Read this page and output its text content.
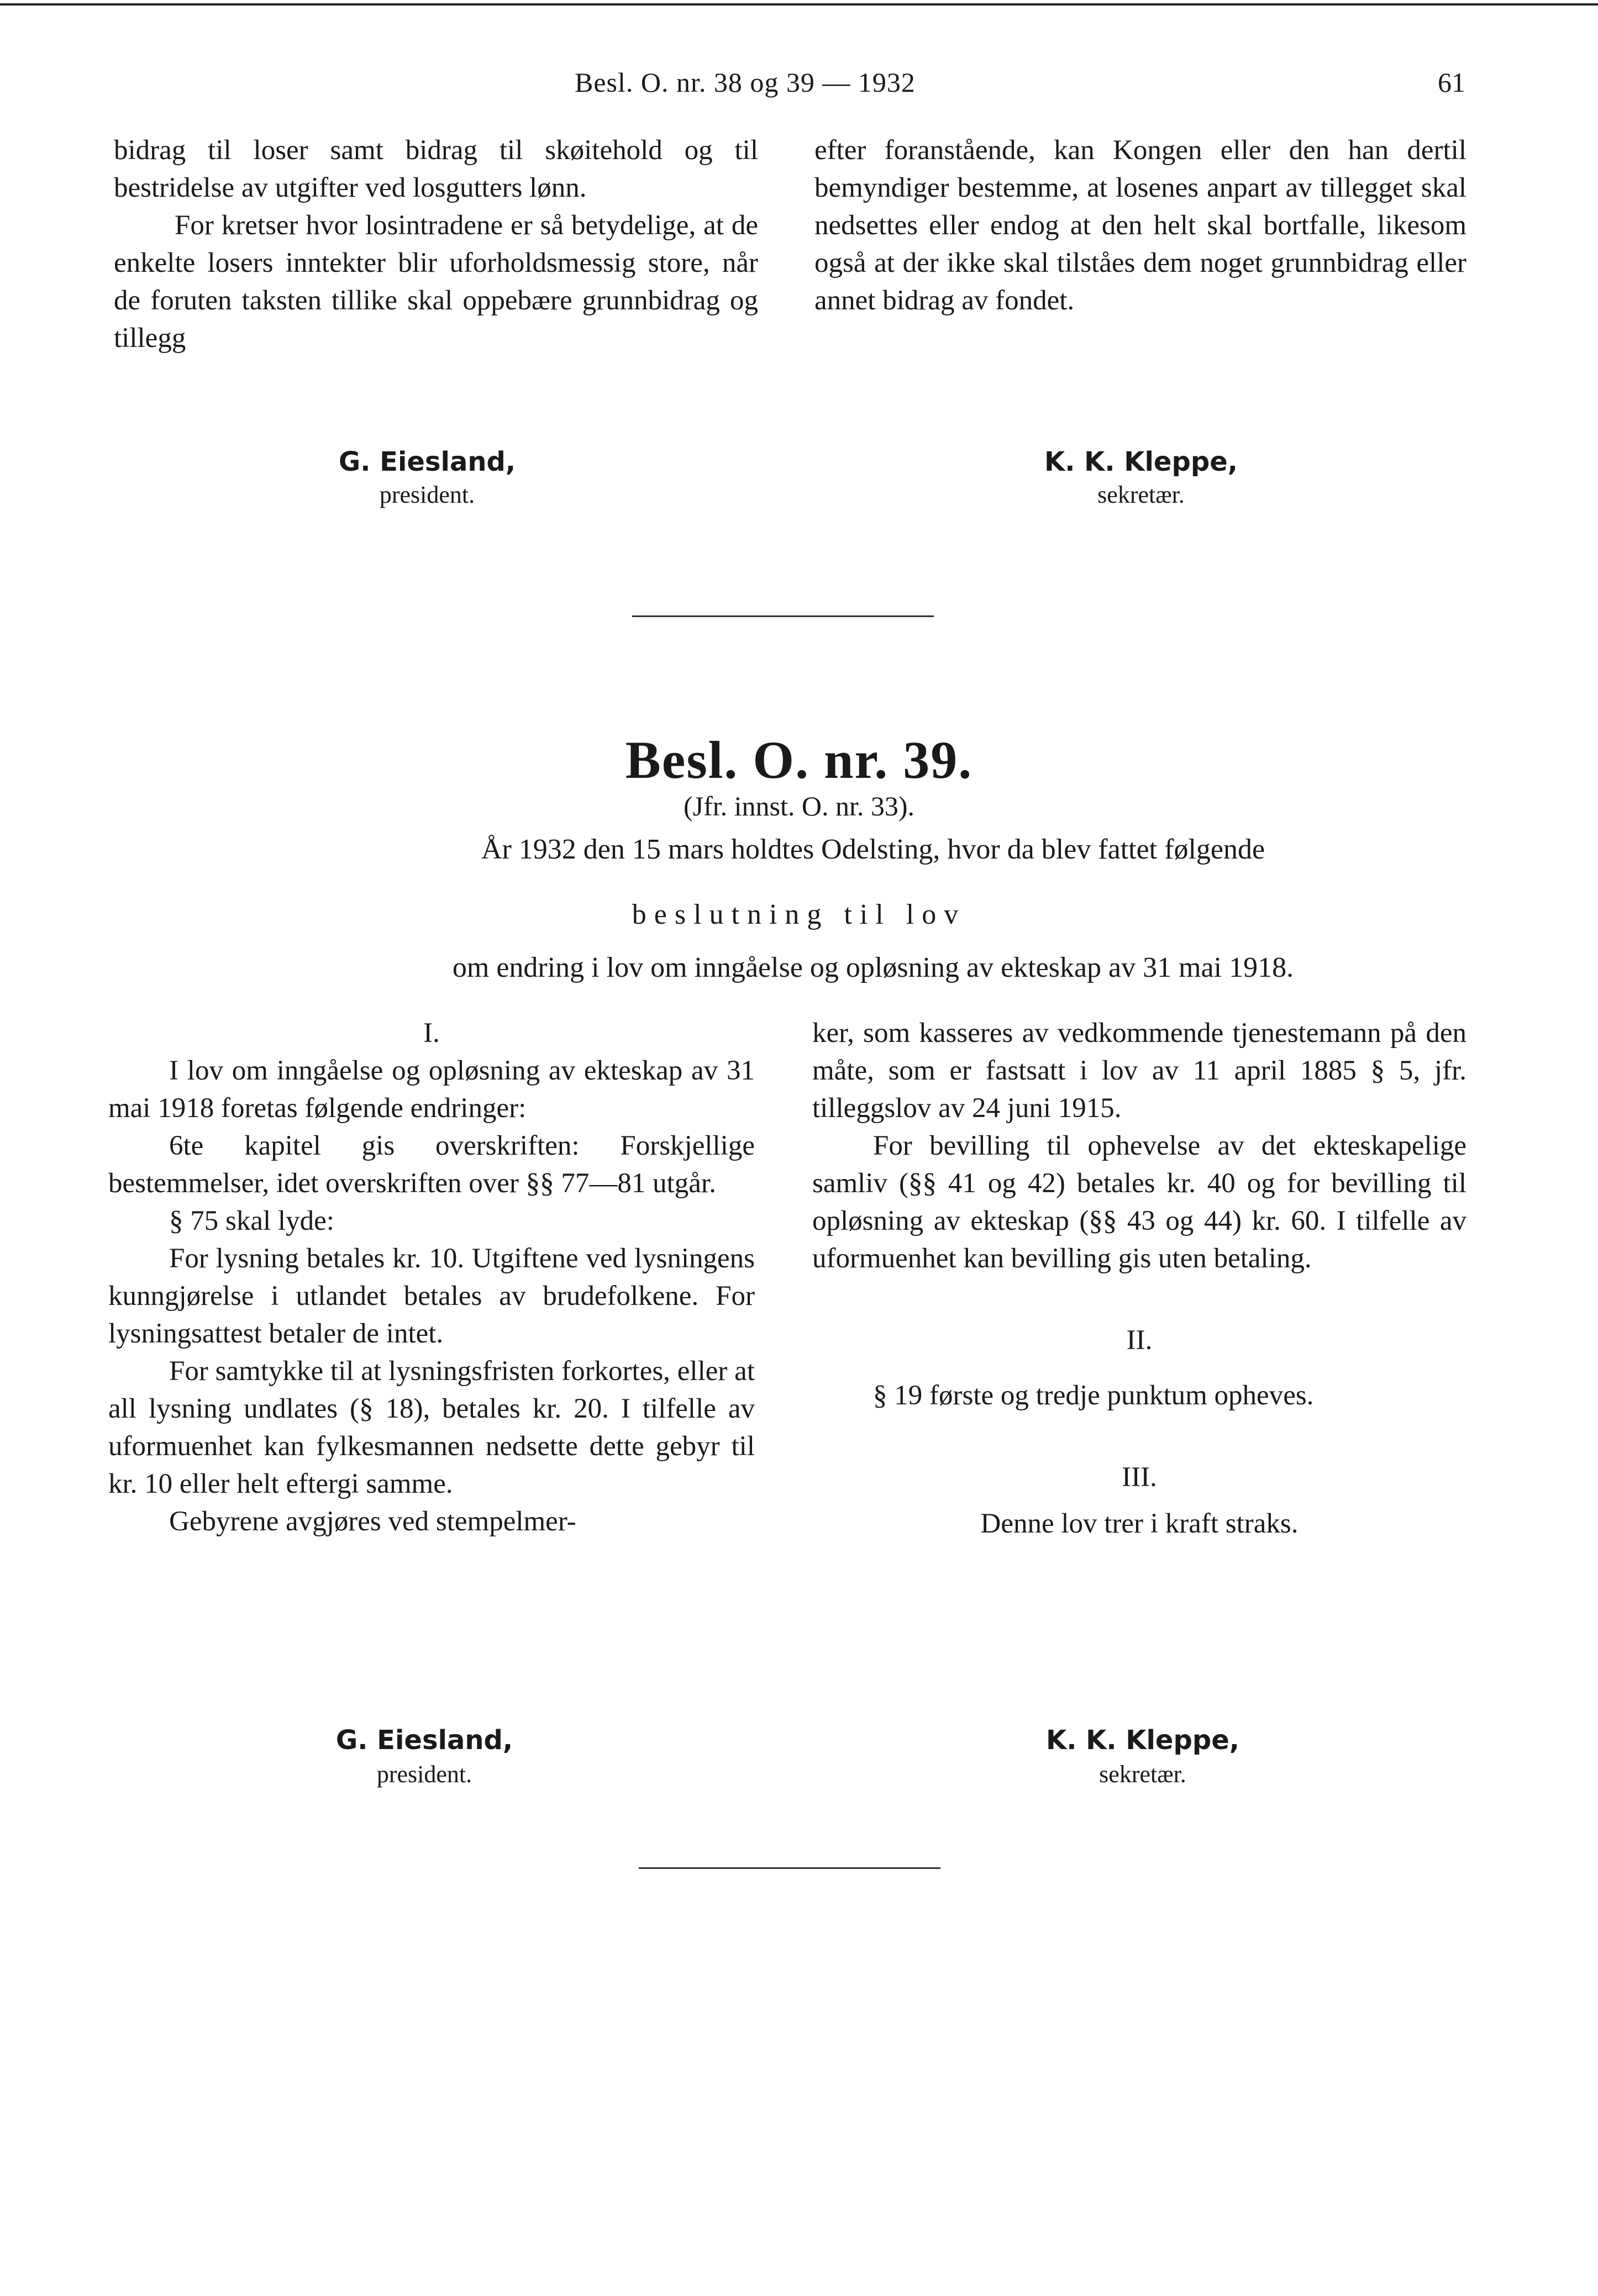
Besl. O. nr. 38 og 39 — 1932	61

bidrag til loser samt bidrag til skøitehold og til bestridelse av utgifter ved losgutters lønn.

For kretser hvor losintradene er så betydelige, at de enkelte losers inntekter blir uforholdsmessig store, når de foruten taksten tillike skal oppebære grunnbidrag og tillegg

efter foranstående, kan Kongen eller den han dertil bemyndiger bestemme, at losenes anpart av tillegget skal nedsettes eller endog at den helt skal bortfalle, likesom også at der ikke skal tilståes dem noget grunnbidrag eller annet bidrag av fondet.

G. Eiesland,
president.
K. K. Kleppe,
sekretær.
Besl. O. nr. 39.
(Jfr. innst. O. nr. 33).
År 1932 den 15 mars holdtes Odelsting, hvor da blev fattet følgende
beslutning til lov
om endring i lov om inngåelse og opløsning av ekteskap av 31 mai 1918.

I.

I lov om inngåelse og opløsning av ekteskap av 31 mai 1918 foretas følgende endringer:

6te kapitel gis overskriften: Forskjellige bestemmelser, idet overskriften over §§ 77—81 utgår.

§ 75 skal lyde:

For lysning betales kr. 10. Utgiftene ved lysningens kunngjørelse i utlandet betales av brudefolkene. For lysningsattest betaler de intet.

For samtykke til at lysningsfristen forkortes, eller at all lysning undlates (§ 18), betales kr. 20. I tilfelle av uformuenhet kan fylkesmannen nedsette dette gebyr til kr. 10 eller helt eftergi samme.

Gebyrene avgjøres ved stempelmer-

ker, som kasseres av vedkommende tjenestemann på den måte, som er fastsatt i lov av 11 april 1885 § 5, jfr. tilleggslov av 24 juni 1915.

For bevilling til ophevelse av det ekteskapelige samliv (§§ 41 og 42) betales kr. 40 og for bevilling til opløsning av ekteskap (§§ 43 og 44) kr. 60. I tilfelle av uformuenhet kan bevilling gis uten betaling.

II.

§ 19 første og tredje punktum opheves.

III.

Denne lov trer i kraft straks.

G. Eiesland,
president.
K. K. Kleppe,
sekretær.
